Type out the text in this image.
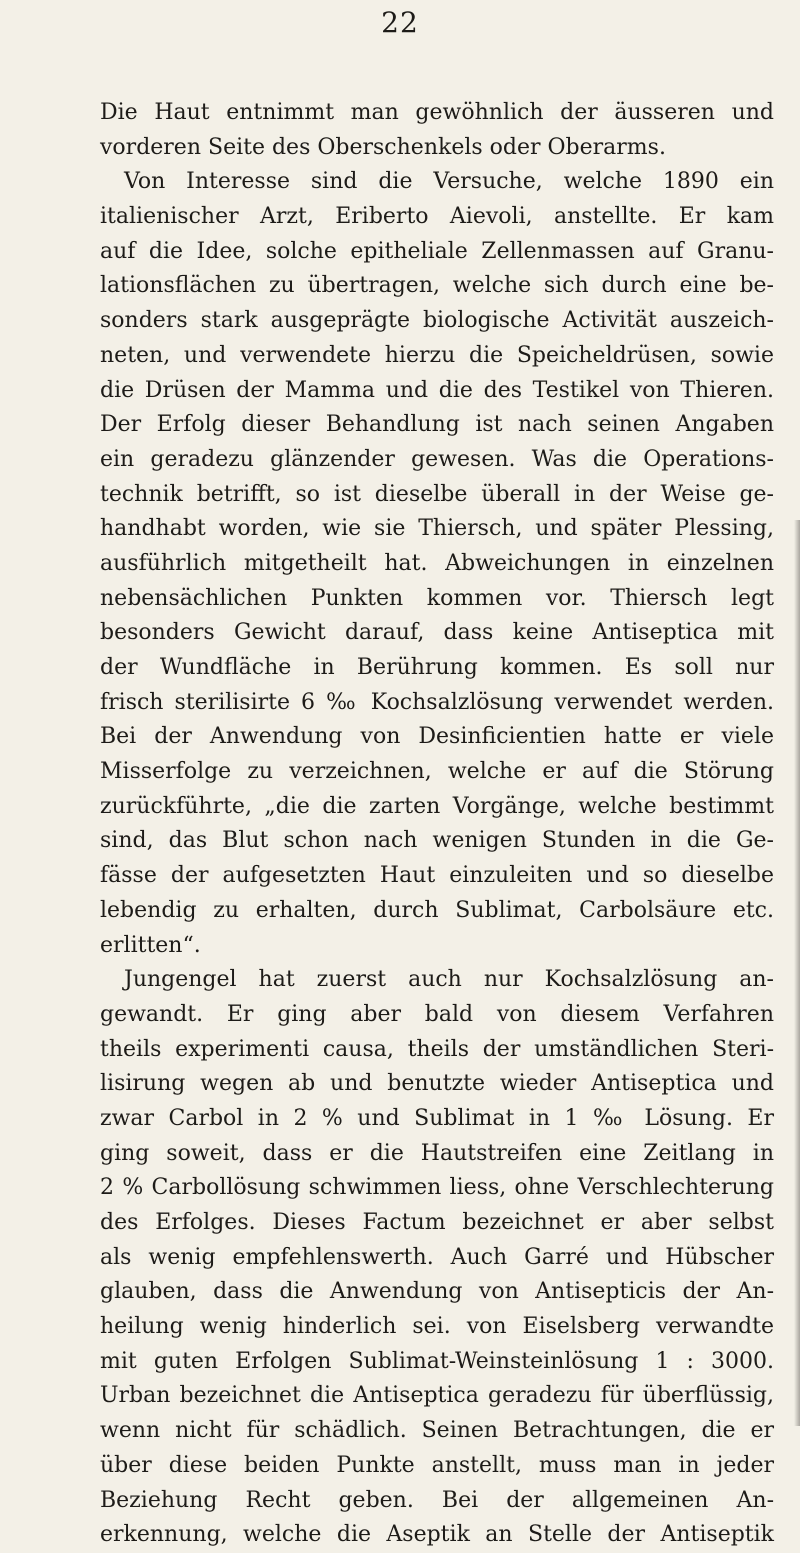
22
Die Haut entnimmt man gewöhnlich der äusseren und
vorderen Seite des Oberschenkels oder Oberarms.
Von Interesse sind die Versuche, welche 1890 ein
italienischer Arzt, Eriberto Aievoli, anstellte. Er kam
auf die Idee, solche epitheliale Zellenmassen auf Granu-
lationsflächen zu übertragen, welche sich durch eine be-
sonders stark ausgeprägte biologische Activität auszeich-
neten, und verwendete hierzu die Speicheldrüsen, sowie
die Drüsen der Mamma und die des Testikel von Thieren.
Der Erfolg dieser Behandlung ist nach seinen Angaben
ein geradezu glänzender gewesen. Was die Operations-
technik betrifft, so ist dieselbe überall in der Weise ge-
handhabt worden, wie sie Thiersch, und später Plessing,
ausführlich mitgetheilt hat. Abweichungen in einzelnen
nebensächlichen Punkten kommen vor. Thiersch legt
besonders Gewicht darauf, dass keine Antiseptica mit
der Wundfläche in Berührung kommen. Es soll nur
frisch sterilisirte 6 ‰ Kochsalzlösung verwendet werden.
Bei der Anwendung von Desinficientien hatte er viele
Misserfolge zu verzeichnen, welche er auf die Störung
zurückführte, „die die zarten Vorgänge, welche bestimmt
sind, das Blut schon nach wenigen Stunden in die Ge-
fässe der aufgesetzten Haut einzuleiten und so dieselbe
lebendig zu erhalten, durch Sublimat, Carbolsäure etc.
erlitten“.
Jungengel hat zuerst auch nur Kochsalzlösung an-
gewandt. Er ging aber bald von diesem Verfahren
theils experimenti causa, theils der umständlichen Steri-
lisirung wegen ab und benutzte wieder Antiseptica und
zwar Carbol in 2 % und Sublimat in 1 ‰ Lösung. Er
ging soweit, dass er die Hautstreifen eine Zeitlang in
2 % Carbollösung schwimmen liess, ohne Verschlechterung
des Erfolges. Dieses Factum bezeichnet er aber selbst
als wenig empfehlenswerth. Auch Garré und Hübscher
glauben, dass die Anwendung von Antisepticis der An-
heilung wenig hinderlich sei. von Eiselsberg verwandte
mit guten Erfolgen Sublimat-Weinsteinlösung 1 : 3000.
Urban bezeichnet die Antiseptica geradezu für überflüssig,
wenn nicht für schädlich. Seinen Betrachtungen, die er
über diese beiden Punkte anstellt, muss man in jeder
Beziehung Recht geben. Bei der allgemeinen An-
erkennung, welche die Aseptik an Stelle der Antiseptik
